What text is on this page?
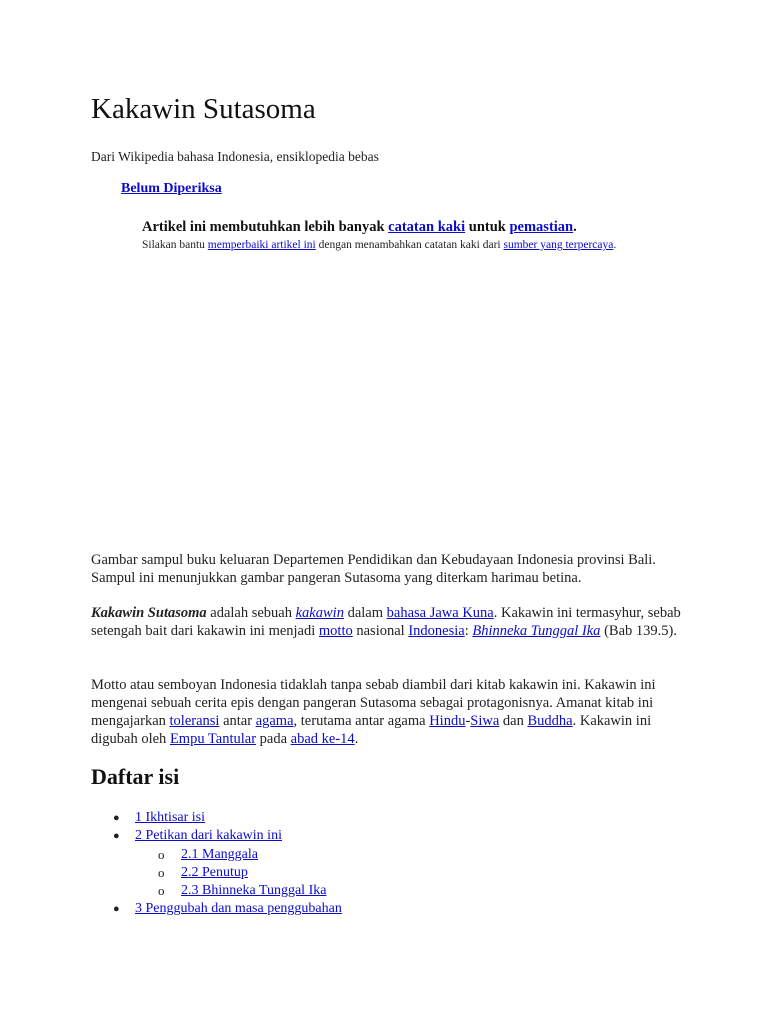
Kakawin Sutasoma
Dari Wikipedia bahasa Indonesia, ensiklopedia bebas
Belum Diperiksa
Artikel ini membutuhkan lebih banyak catatan kaki untuk pemastian.
Silakan bantu memperbaiki artikel ini dengan menambahkan catatan kaki dari sumber yang terpercaya.

Gambar sampul buku keluaran Departemen Pendidikan dan Kebudayaan Indonesia provinsi Bali. Sampul ini menunjukkan gambar pangeran Sutasoma yang diterkam harimau betina.

Kakawin Sutasoma adalah sebuah kakawin dalam bahasa Jawa Kuna. Kakawin ini termasyhur, sebab setengah bait dari kakawin ini menjadi motto nasional Indonesia: Bhinneka Tunggal Ika (Bab 139.5).

Motto atau semboyan Indonesia tidaklah tanpa sebab diambil dari kitab kakawin ini. Kakawin ini mengenai sebuah cerita epis dengan pangeran Sutasoma sebagai protagonisnya. Amanat kitab ini mengajarkan toleransi antar agama, terutama antar agama Hindu-Siwa dan Buddha. Kakawin ini digubah oleh Empu Tantular pada abad ke-14.

Daftar isi
● 1 Ikhtisar isi
● 2 Petikan dari kakawin ini
o 2.1 Manggala
o 2.2 Penutup
o 2.3 Bhinneka Tunggal Ika
● 3 Penggubah dan masa penggubahan
